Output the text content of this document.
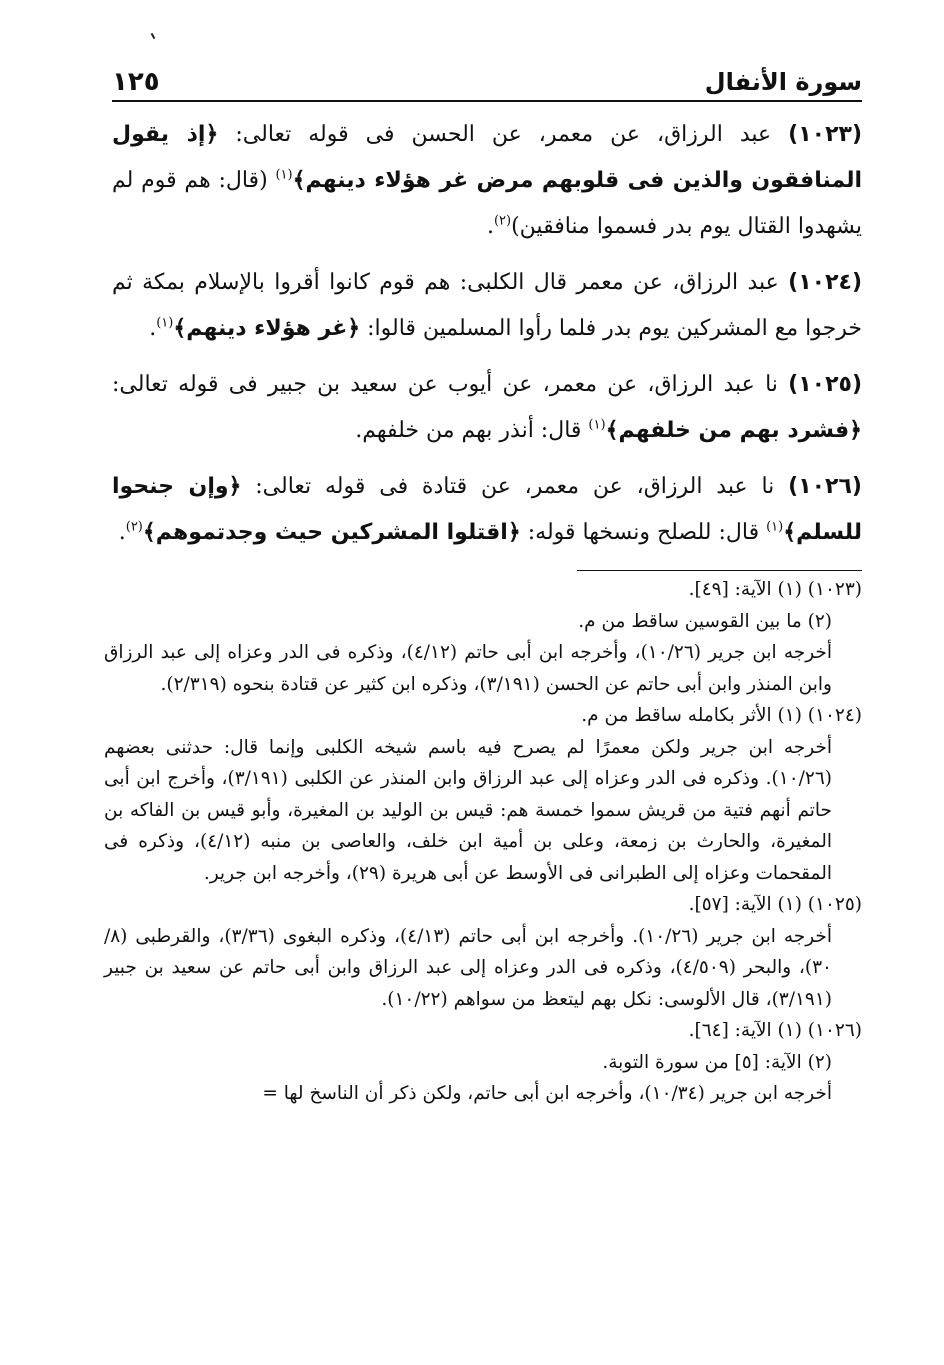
سورة الأنفال
١٢٥

(١٠٢٣) عبد الرزاق، عن معمر، عن الحسن فى قوله تعالى: ﴿إذ يقول المنافقون والذين فى قلوبهم مرض غر هؤلاء دينهم﴾$^{(١)}$ (قال: هم قوم لم يشهدوا القتال يوم بدر فسموا منافقين)$^{(٢)}$.

(١٠٢٤) عبد الرزاق، عن معمر قال الكلبى: هم قوم كانوا أقروا بالإسلام بمكة ثم خرجوا مع المشركين يوم بدر فلما رأوا المسلمين قالوا: ﴿غر هؤلاء دينهم﴾$^{(١)}$.

(١٠٢٥) نا عبد الرزاق، عن معمر، عن أيوب عن سعيد بن جبير فى قوله تعالى: ﴿فشرد بهم من خلفهم﴾$^{(١)}$ قال: أنذر بهم من خلفهم.

(١٠٢٦) نا عبد الرزاق، عن معمر، عن قتادة فى قوله تعالى: ﴿وإن جنحوا للسلم﴾$^{(١)}$ قال: للصلح ونسخها قوله: ﴿اقتلوا المشركين حيث وجدتموهم﴾$^{(٢)}$.

(١٠٢٣) (١) الآية: [٤٩].

(٢) ما بين القوسين ساقط من م.

أخرجه ابن جرير (١٠/٢٦)، وأخرجه ابن أبى حاتم (٤/١٢)، وذكره فى الدر وعزاه إلى عبد الرزاق وابن المنذر وابن أبى حاتم عن الحسن (٣/١٩١)، وذكره ابن كثير عن قتادة بنحوه (٢/٣١٩).

(١٠٢٤) (١) الأثر بكامله ساقط من م.

أخرجه ابن جرير ولكن معمرًا لم يصرح فيه باسم شيخه الكلبى وإنما قال: حدثنى بعضهم (١٠/٢٦). وذكره فى الدر وعزاه إلى عبد الرزاق وابن المنذر عن الكلبى (٣/١٩١)، وأخرج ابن أبى حاتم أنهم فتية من قريش سموا خمسة هم: قيس بن الوليد بن المغيرة، وأبو قيس بن الفاكه بن المغيرة، والحارث بن زمعة، وعلى بن أمية ابن خلف، والعاصى بن منبه (٤/١٢)، وذكره فى المقحمات وعزاه إلى الطبرانى فى الأوسط عن أبى هريرة (٢٩)، وأخرجه ابن جرير.

(١٠٢٥) (١) الآية: [٥٧].

أخرجه ابن جرير (١٠/٢٦). وأخرجه ابن أبى حاتم (٤/١٣)، وذكره البغوى (٣/٣٦)، والقرطبى (٨/ ٣٠)، والبحر (٤/٥٠٩)، وذكره فى الدر وعزاه إلى عبد الرزاق وابن أبى حاتم عن سعيد بن جبير (٣/١٩١)، قال الألوسى: نكل بهم ليتعظ من سواهم (١٠/٢٢).

(١٠٢٦) (١) الآية: [٦٤].

(٢) الآية: [٥] من سورة التوبة.

أخرجه ابن جرير (١٠/٣٤)، وأخرجه ابن أبى حاتم، ولكن ذكر أن الناسخ لها =
